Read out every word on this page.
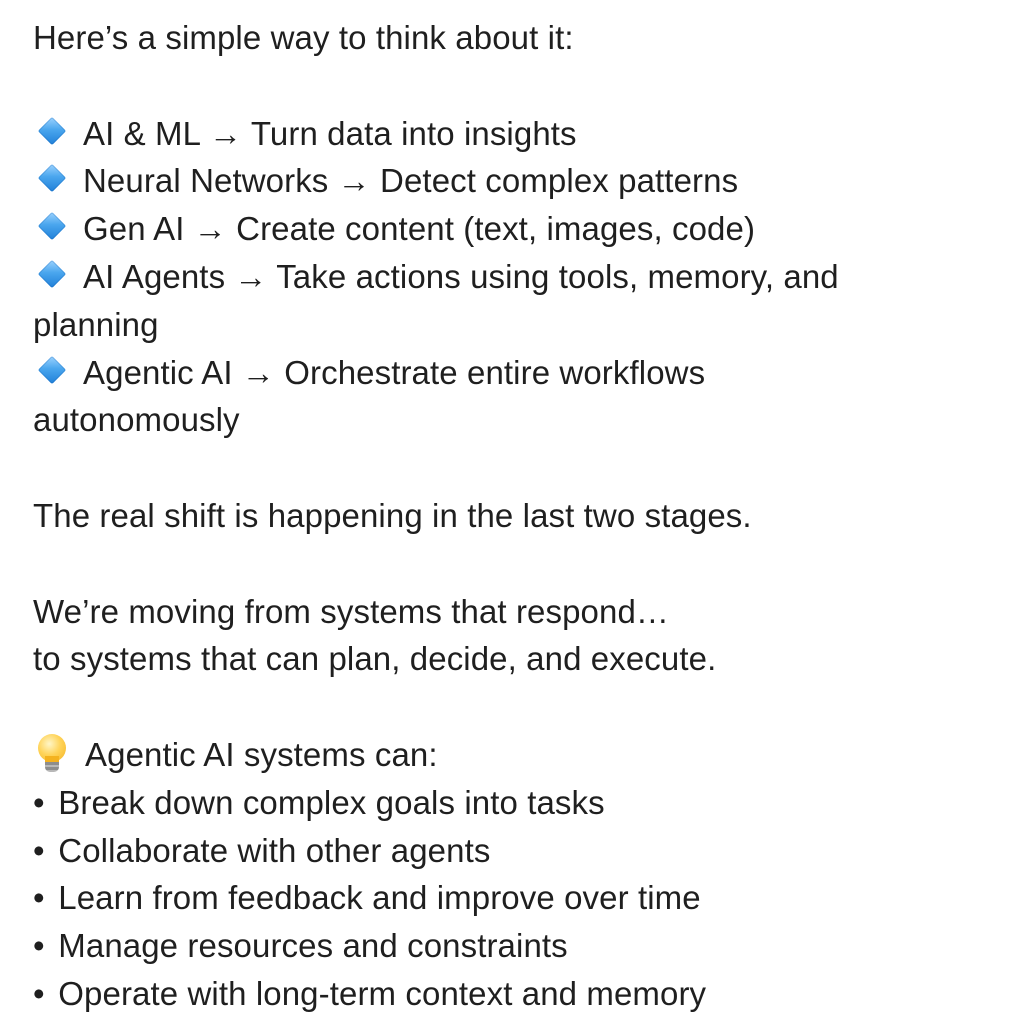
Here’s a simple way to think about it:
AI & ML → Turn data into insights
Neural Networks → Detect complex patterns
Gen AI → Create content (text, images, code)
AI Agents → Take actions using tools, memory, and
planning
Agentic AI → Orchestrate entire workflows
autonomously
The real shift is happening in the last two stages.
We’re moving from systems that respond…
to systems that can plan, decide, and execute.
Agentic AI systems can:
• Break down complex goals into tasks
• Collaborate with other agents
• Learn from feedback and improve over time
• Manage resources and constraints
• Operate with long-term context and memory
